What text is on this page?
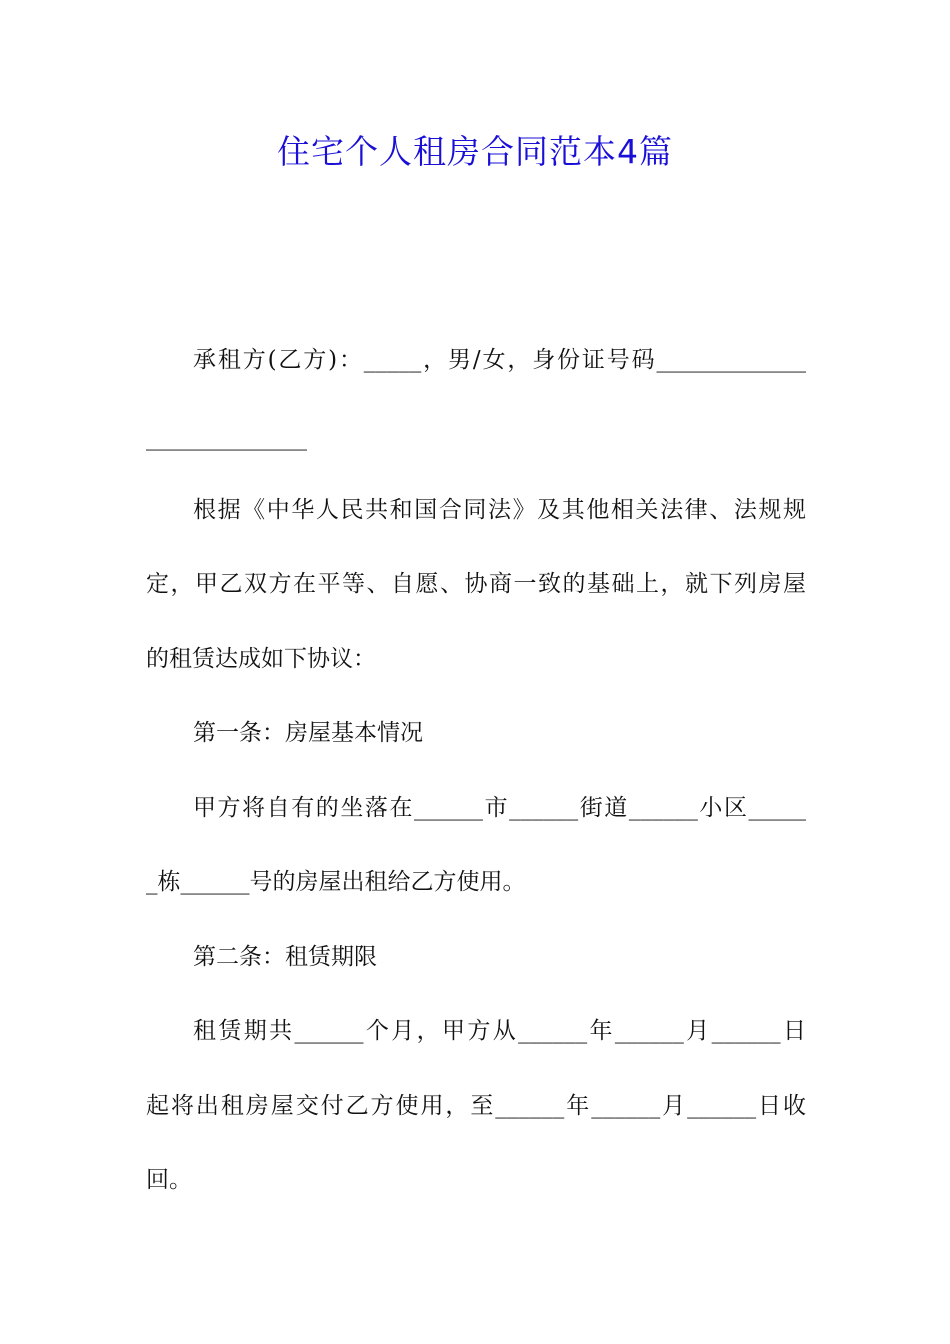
住宅个人租房合同范本4篇
承租方(乙方)：_____，男/女，身份证号码_____________
______________
根据《中华人民共和国合同法》及其他相关法律、法规规
定，甲乙双方在平等、自愿、协商一致的基础上，就下列房屋
的租赁达成如下协议：
第一条：房屋基本情况
甲方将自有的坐落在______市______街道______小区_____
_栋______号的房屋出租给乙方使用。
第二条：租赁期限
租赁期共______个月，甲方从______年______月______日
起将出租房屋交付乙方使用，至______年______月______日收
回。
